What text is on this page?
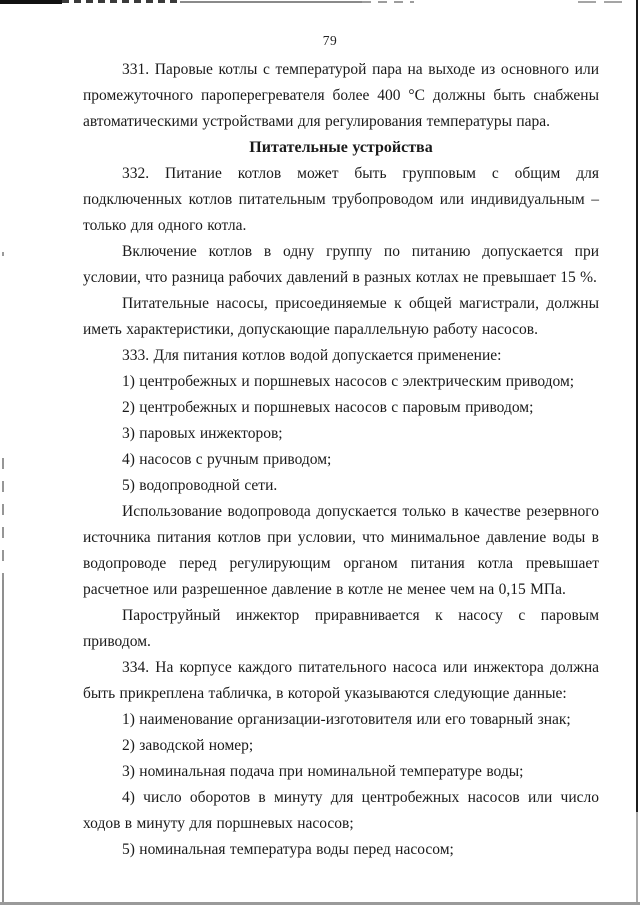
79

331. Паровые котлы с температурой пара на выходе из основного или промежуточного пароперегревателя более 400 °С должны быть снабжены автоматическими устройствами для регулирования температуры пара.

Питательные устройства

332. Питание котлов может быть групповым с общим для подключенных котлов питательным трубопроводом или индивидуальным – только для одного котла.

Включение котлов в одну группу по питанию допускается при условии, что разница рабочих давлений в разных котлах не превышает 15 %.

Питательные насосы, присоединяемые к общей магистрали, должны иметь характеристики, допускающие параллельную работу насосов.

333. Для питания котлов водой допускается применение:

1) центробежных и поршневых насосов с электрическим приводом;

2) центробежных и поршневых насосов с паровым приводом;

3) паровых инжекторов;

4) насосов с ручным приводом;

5) водопроводной сети.

Использование водопровода допускается только в качестве резервного источника питания котлов при условии, что минимальное давление воды в водопроводе перед регулирующим органом питания котла превышает расчетное или разрешенное давление в котле не менее чем на 0,15 МПа.

Пароструйный инжектор приравнивается к насосу с паровым приводом.

334. На корпусе каждого питательного насоса или инжектора должна быть прикреплена табличка, в которой указываются следующие данные:

1) наименование организации-изготовителя или его товарный знак;

2) заводской номер;

3) номинальная подача при номинальной температуре воды;

4) число оборотов в минуту для центробежных насосов или число ходов в минуту для поршневых насосов;

5) номинальная температура воды перед насосом;
